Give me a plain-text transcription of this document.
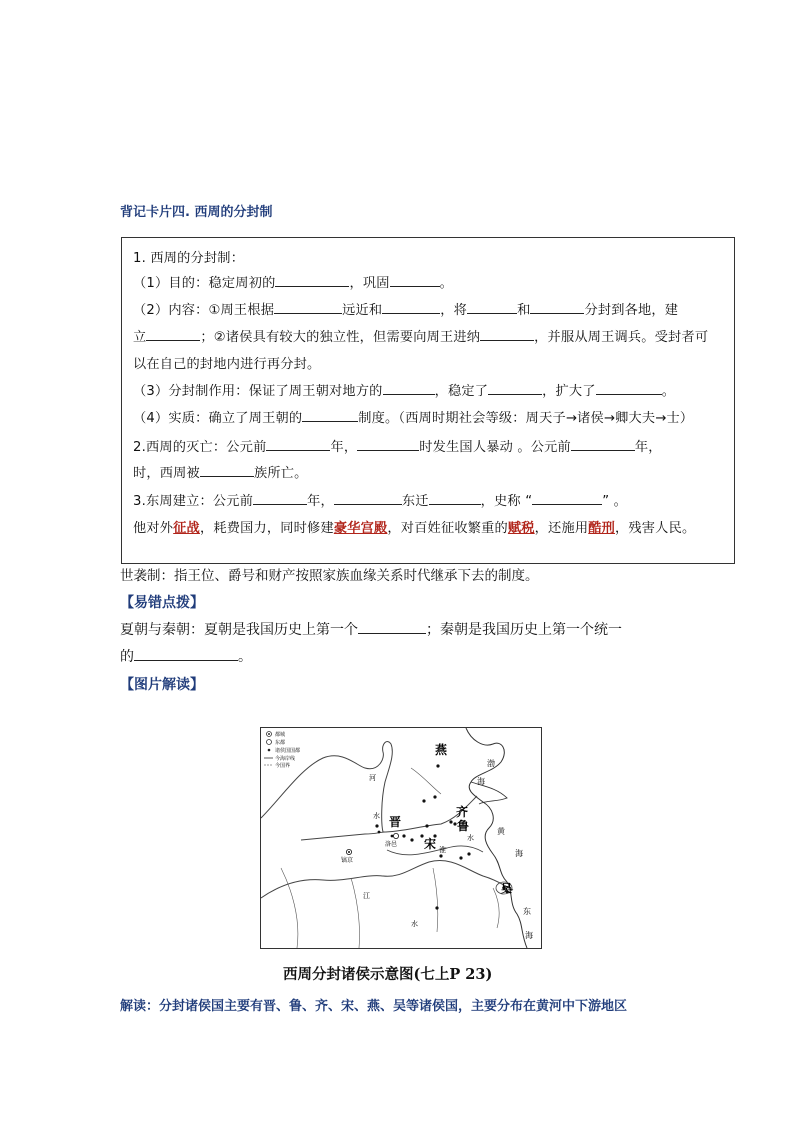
背记卡片四. 西周的分封制
1. 西周的分封制：
（1）目的：稳定周初的	，巩固	。
（2）内容：①周王根据	远近和	，将	和	分封到各地，建
立	；②诸侯具有较大的独立性，但需要向周王进纳	，并服从周王调兵。受封者可
以在自己的封地内进行再分封。
（3）分封制作用：保证了周王朝对地方的	，稳定了	，扩大了	。
（4）实质：确立了周王朝的	制度。（西周时期社会等级：周天子→诸侯→卿大夫→士）
2.西周的灭亡：公元前	年，	时发生国人暴动 。公元前	年，
时，西周被	族所亡。
3.东周建立：公元前	年，	东迁	，史称 “	” 。
他对外征战，耗费国力，同时修建豪华宫殿，对百姓征收繁重的赋税，还施用酷刑，残害人民。
世袭制：指王位、爵号和财产按照家族血缘关系时代继承下去的制度。
【易错点拨】
夏朝与秦朝：夏朝是我国历史上第一个	；秦朝是我国历史上第一个统一
的	。
【图片解读】
都城
东都
诸侯国国都
今海岸线
今国界
燕
齐
鲁
晋
宋
吴
洛邑
镐京
渤
海
黄
海
东
海
河
水
江
水
淮
水
西周分封诸侯示意图(七上P 23)
解读：分封诸侯国主要有晋、鲁、齐、宋、燕、吴等诸侯国，主要分布在黄河中下游地区
